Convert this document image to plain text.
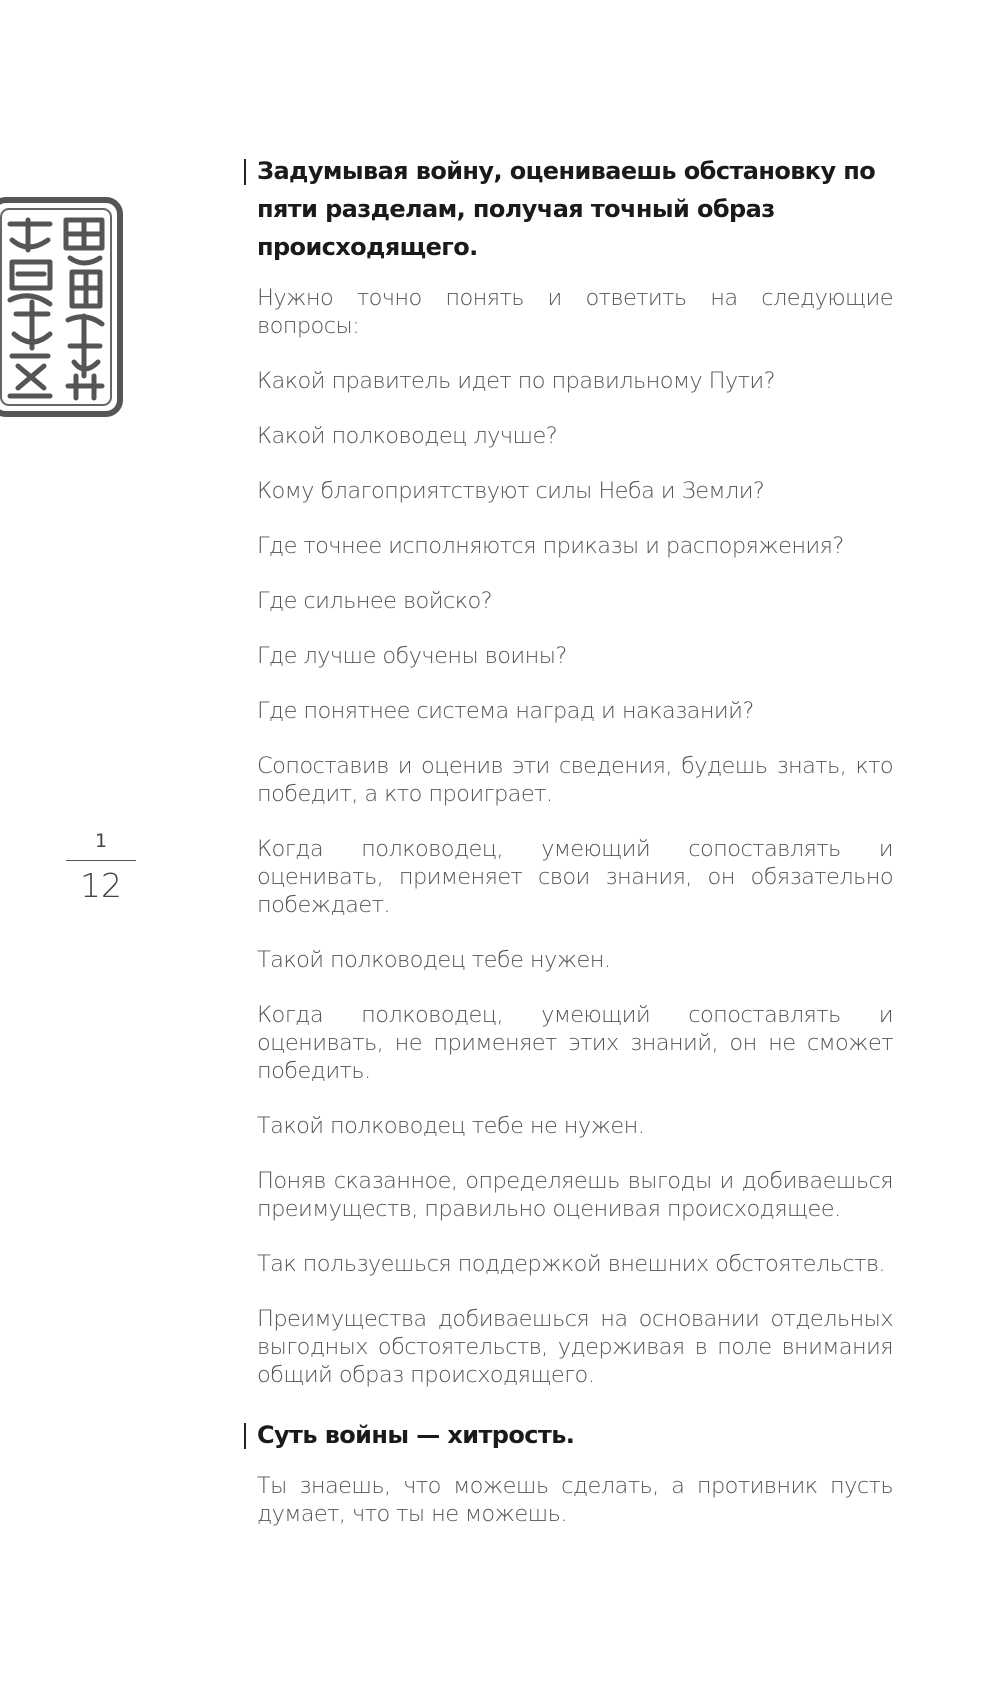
1
12
Задумывая войну, оцениваешь обстановку по пяти разделам, получая точный образ происходящего.

Нужно точно понять и ответить на следующие вопросы:

Какой правитель идет по правильному Пути?

Какой полководец лучше?

Кому благоприятствуют силы Неба и Земли?

Где точнее исполняются приказы и распоряжения?

Где сильнее войско?

Где лучше обучены воины?

Где понятнее система наград и наказаний?

Сопоставив и оценив эти сведения, будешь знать, кто победит, а кто проиграет.

Когда полководец, умеющий сопоставлять и оценивать, применяет свои знания, он обязательно побеждает.

Такой полководец тебе нужен.

Когда полководец, умеющий сопоставлять и оценивать, не применяет этих знаний, он не сможет победить.

Такой полководец тебе не нужен.

Поняв сказанное, определяешь выгоды и добиваешься преимуществ, правильно оценивая происходящее.

Так пользуешься поддержкой внешних обстоятельств.

Преимущества добиваешься на основании отдельных выгодных обстоятельств, удерживая в поле внимания общий образ происходящего.

Суть войны — хитрость.

Ты знаешь, что можешь сделать, а противник пусть думает, что ты не можешь.
